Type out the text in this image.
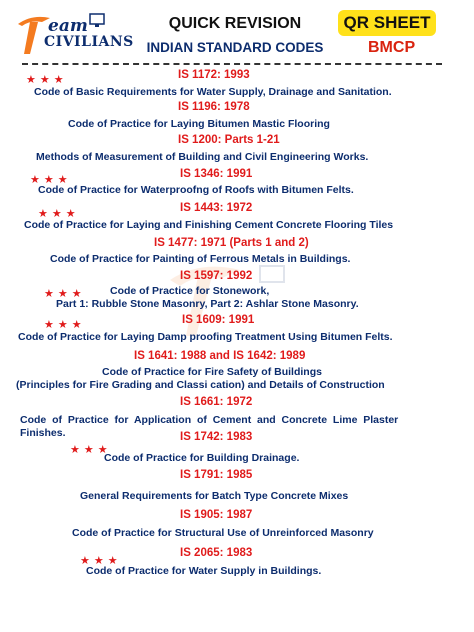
eam
CIVILIANS
QUICK REVISION
INDIAN STANDARD CODES
QR SHEET
BMCP
★★★	IS 1172: 1993
Code of Basic Requirements for Water Supply, Drainage and Sanitation.
IS 1196: 1978
Code of Practice for Laying Bitumen Mastic Flooring
IS 1200: Parts 1-21
Methods of Measurement of Building and Civil Engineering Works.
★★★	IS 1346: 1991
Code of Practice for Waterproofng of Roofs with Bitumen Felts.
★★★	IS 1443: 1972
Code of Practice for Laying and Finishing Cement Concrete Flooring Tiles
IS 1477: 1971 (Parts 1 and 2)
Code of Practice for Painting of Ferrous Metals in Buildings.
IS 1597: 1992
★★★ Code of Practice for Stonework,
Part 1: Rubble Stone Masonry, Part 2: Ashlar Stone Masonry.
★★★	IS 1609: 1991
Code of Practice for Laying Damp proofing Treatment Using Bitumen Felts.
IS 1641: 1988 and IS 1642: 1989
Code of Practice for Fire Safety of Buildings
(Principles for Fire Grading and Classi cation) and Details of Construction
IS 1661: 1972
Code  of  Practice  for  Application  of  Cement  and  Concrete  Lime  Plaster
Finishes.	IS 1742: 1983
★★★
Code of Practice for Building Drainage.
IS 1791: 1985
General Requirements for Batch Type Concrete Mixes
IS 1905: 1987
Code of Practice for Structural Use of Unreinforced Masonry
★★★
IS 2065: 1983
Code of Practice for Water Supply in Buildings.
